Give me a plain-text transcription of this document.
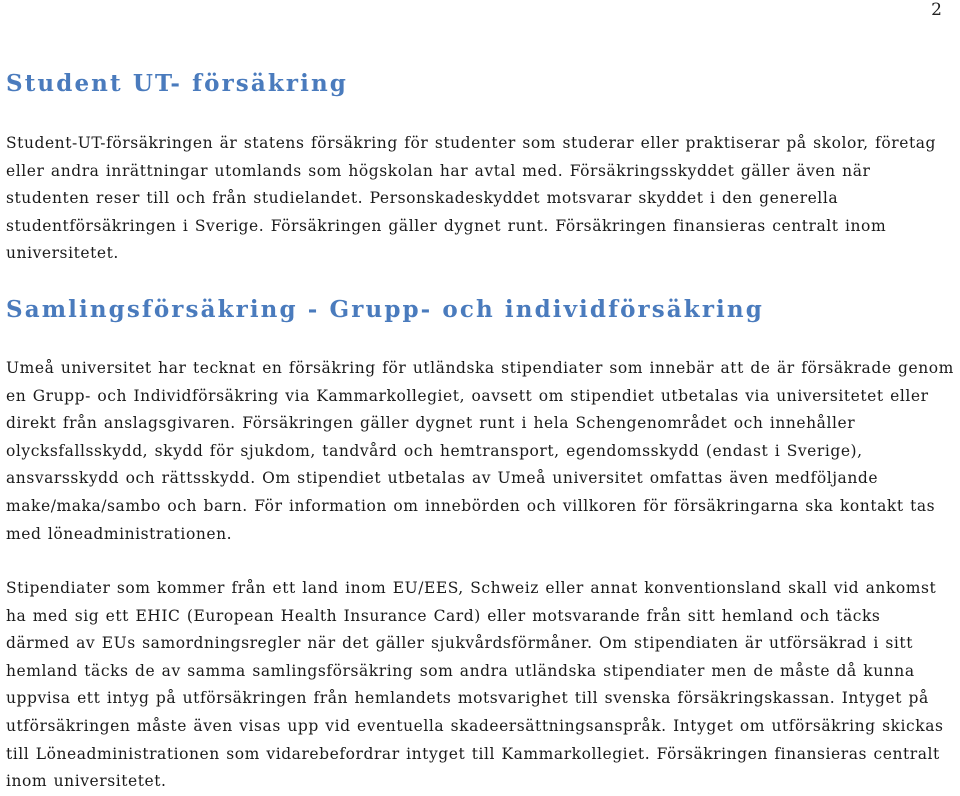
2
Student UT- försäkring

Student-UT-försäkringen är statens försäkring för studenter som studerar eller praktiserar på skolor, företag eller andra inrättningar utomlands som högskolan har avtal med. Försäkringsskyddet gäller även när studenten reser till och från studielandet. Personskadeskyddet motsvarar skyddet i den generella studentförsäkringen i Sverige. Försäkringen gäller dygnet runt. Försäkringen finansieras centralt inom universitetet.

Samlingsförsäkring - Grupp- och individförsäkring

Umeå universitet har tecknat en försäkring för utländska stipendiater som innebär att de är försäkrade genom en Grupp- och Individförsäkring via Kammarkollegiet, oavsett om stipendiet utbetalas via universitetet eller direkt från anslagsgivaren. Försäkringen gäller dygnet runt i hela Schengenområdet och innehåller olycksfallsskydd, skydd för sjukdom, tandvård och hemtransport, egendomsskydd (endast i Sverige), ansvarsskydd och rättsskydd. Om stipendiet utbetalas av Umeå universitet omfattas även medföljande make/maka/sambo och barn. För information om innebörden och villkoren för försäkringarna ska kontakt tas med löneadministrationen.

Stipendiater som kommer från ett land inom EU/EES, Schweiz eller annat konventionsland skall vid ankomst ha med sig ett EHIC (European Health Insurance Card) eller motsvarande från sitt hemland och täcks därmed av EUs samordningsregler när det gäller sjukvårdsförmåner. Om stipendiaten är utförsäkrad i sitt hemland täcks de av samma samlingsförsäkring som andra utländska stipendiater men de måste då kunna uppvisa ett intyg på utförsäkringen från hemlandets motsvarighet till svenska försäkringskassan. Intyget på utförsäkringen måste även visas upp vid eventuella skadeersättningsanspråk. Intyget om utförsäkring skickas till Löneadministrationen som vidarebefordrar intyget till Kammarkollegiet. Försäkringen finansieras centralt inom universitetet.
